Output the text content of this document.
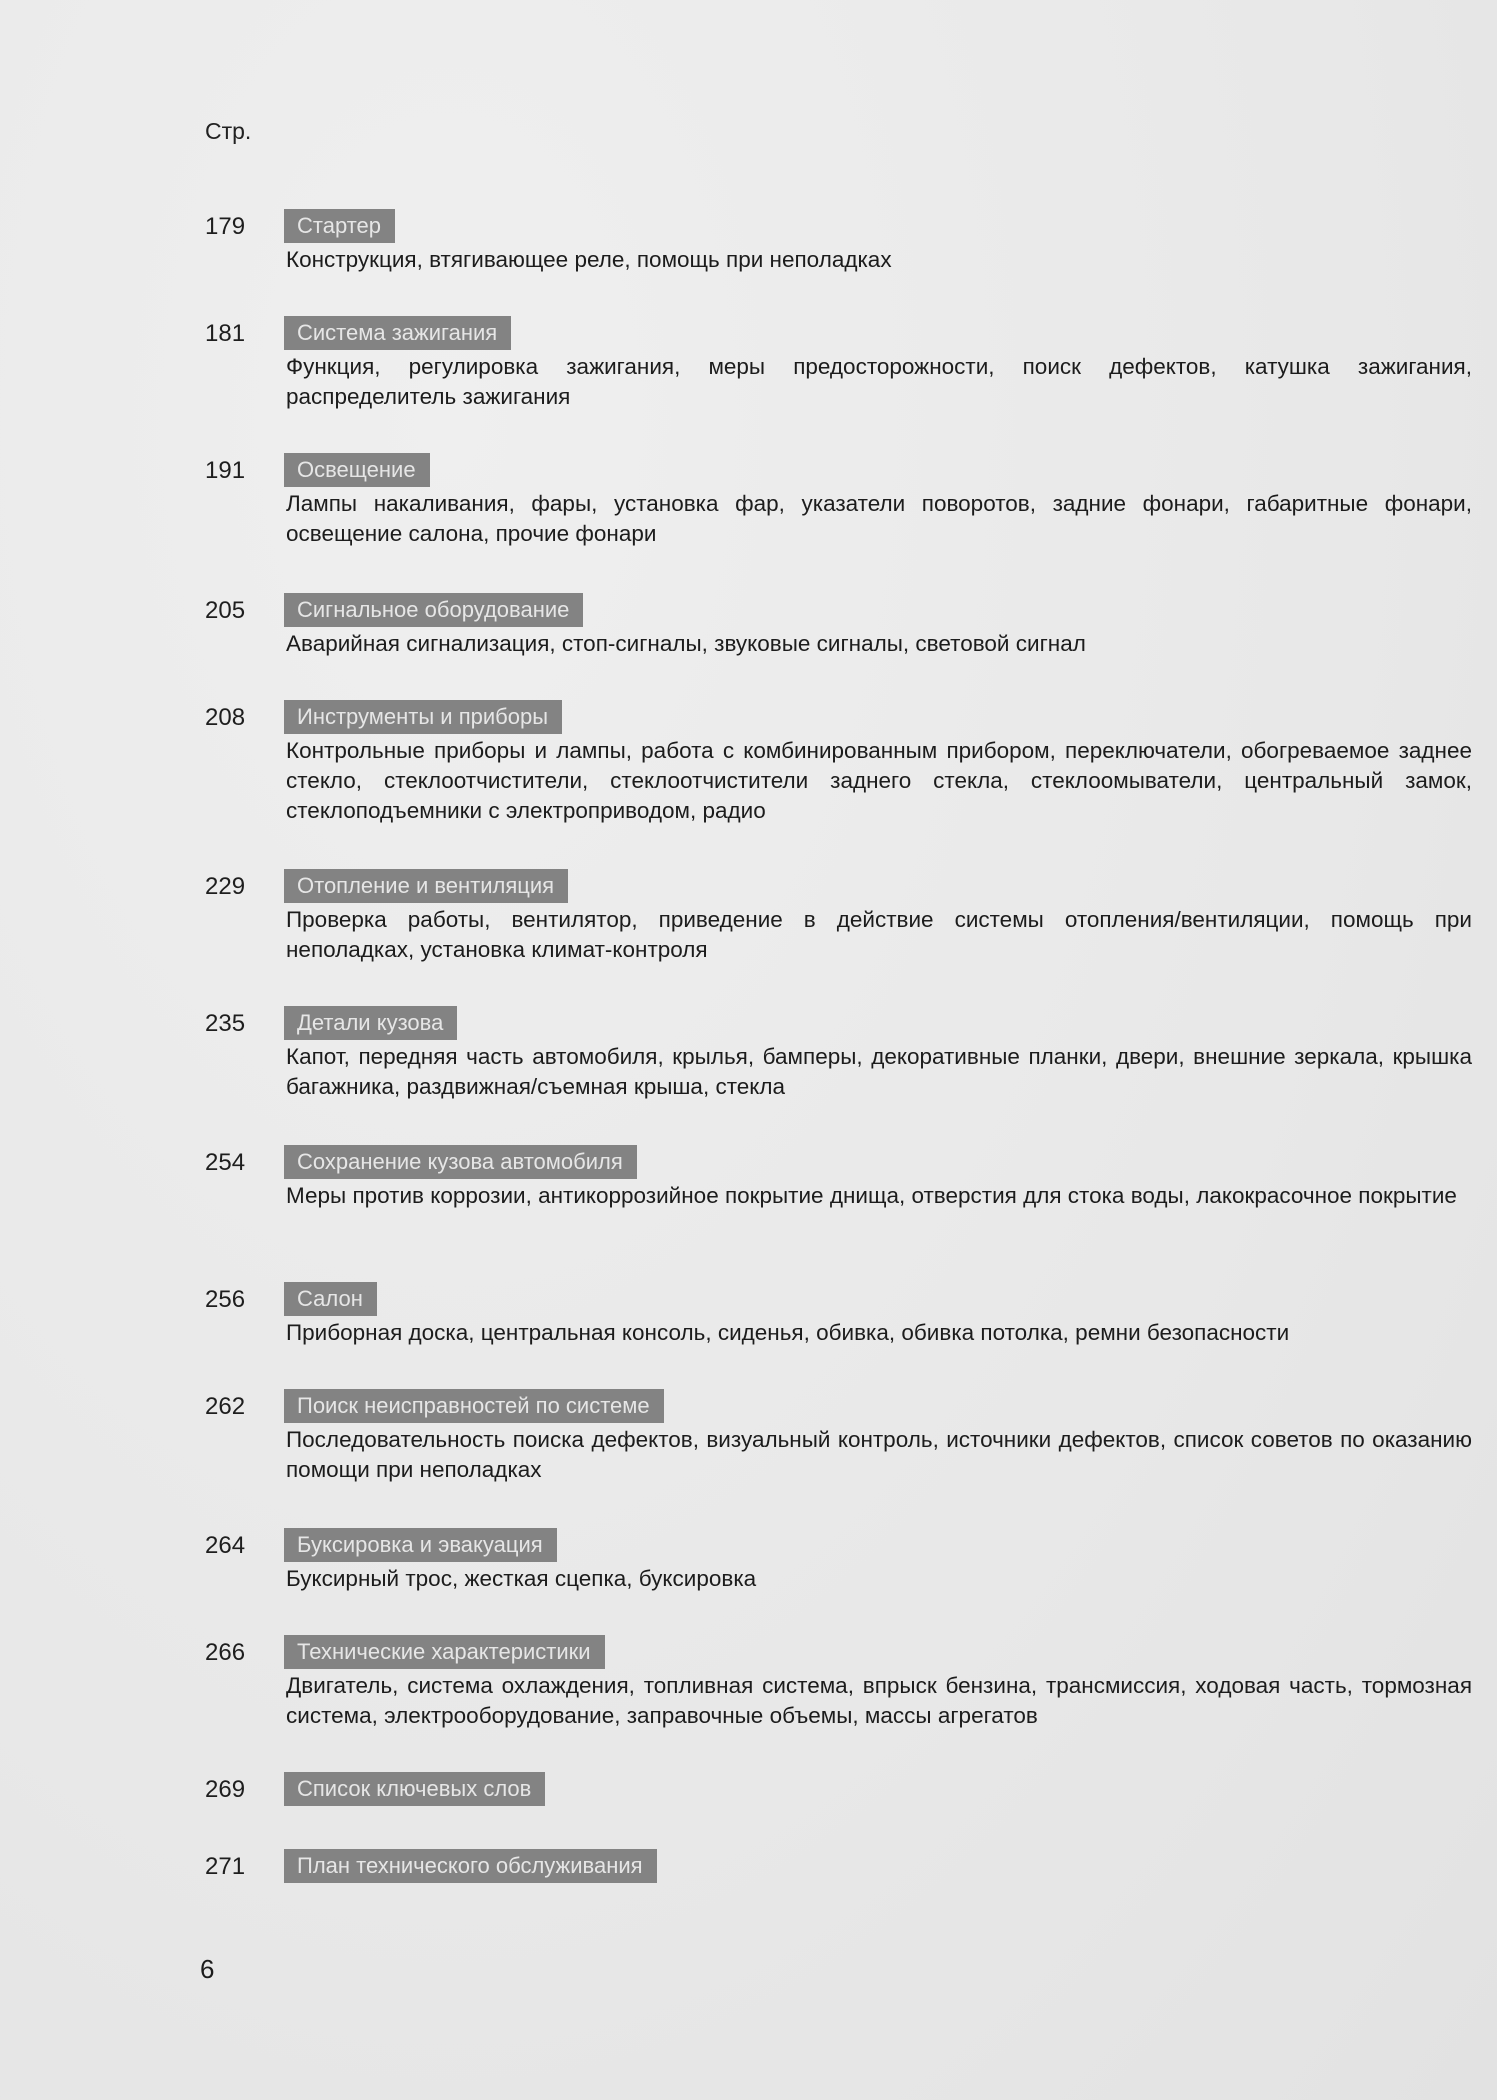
Стр.
179	Стартер
Конструкция, втягивающее реле, помощь при неполадках
181	Система зажигания
Функция, регулировка зажигания, меры предосторожности, поиск дефектов, катушка зажигания, распределитель зажигания
191	Освещение
Лампы накаливания, фары, установка фар, указатели поворотов, задние фонари, габаритные фонари, освещение салона, прочие фонари
205	Сигнальное оборудование
Аварийная сигнализация, стоп-сигналы, звуковые сигналы, световой сигнал
208	Инструменты и приборы
Контрольные приборы и лампы, работа с комбинированным прибором, переключатели, обогреваемое заднее стекло, стеклоотчистители, стеклоотчистители заднего стекла, стеклоомыватели, центральный замок, стеклоподъемники с электроприводом, радио
229	Отопление и вентиляция
Проверка работы, вентилятор, приведение в действие системы отопления/вентиляции, помощь при неполадках, установка климат-контроля
235	Детали кузова
Капот, передняя часть автомобиля, крылья, бамперы, декоративные планки, двери, внешние зеркала, крышка багажника, раздвижная/съемная крыша, стекла
254	Сохранение кузова автомобиля
Меры против коррозии, антикоррозийное покрытие днища, отверстия для стока воды, лакокрасочное покрытие
256	Салон
Приборная доска, центральная консоль, сиденья, обивка, обивка потолка, ремни безопасности
262	Поиск неисправностей по системе
Последовательность поиска дефектов, визуальный контроль, источники дефектов, список советов по оказанию помощи при неполадках
264	Буксировка и эвакуация
Буксирный трос, жесткая сцепка, буксировка
266	Технические характеристики
Двигатель, система охлаждения, топливная система, впрыск бензина, трансмиссия, ходовая часть, тормозная система, электрооборудование, заправочные объемы, массы агрегатов
269	Список ключевых слов
271	План технического обслуживания
6
